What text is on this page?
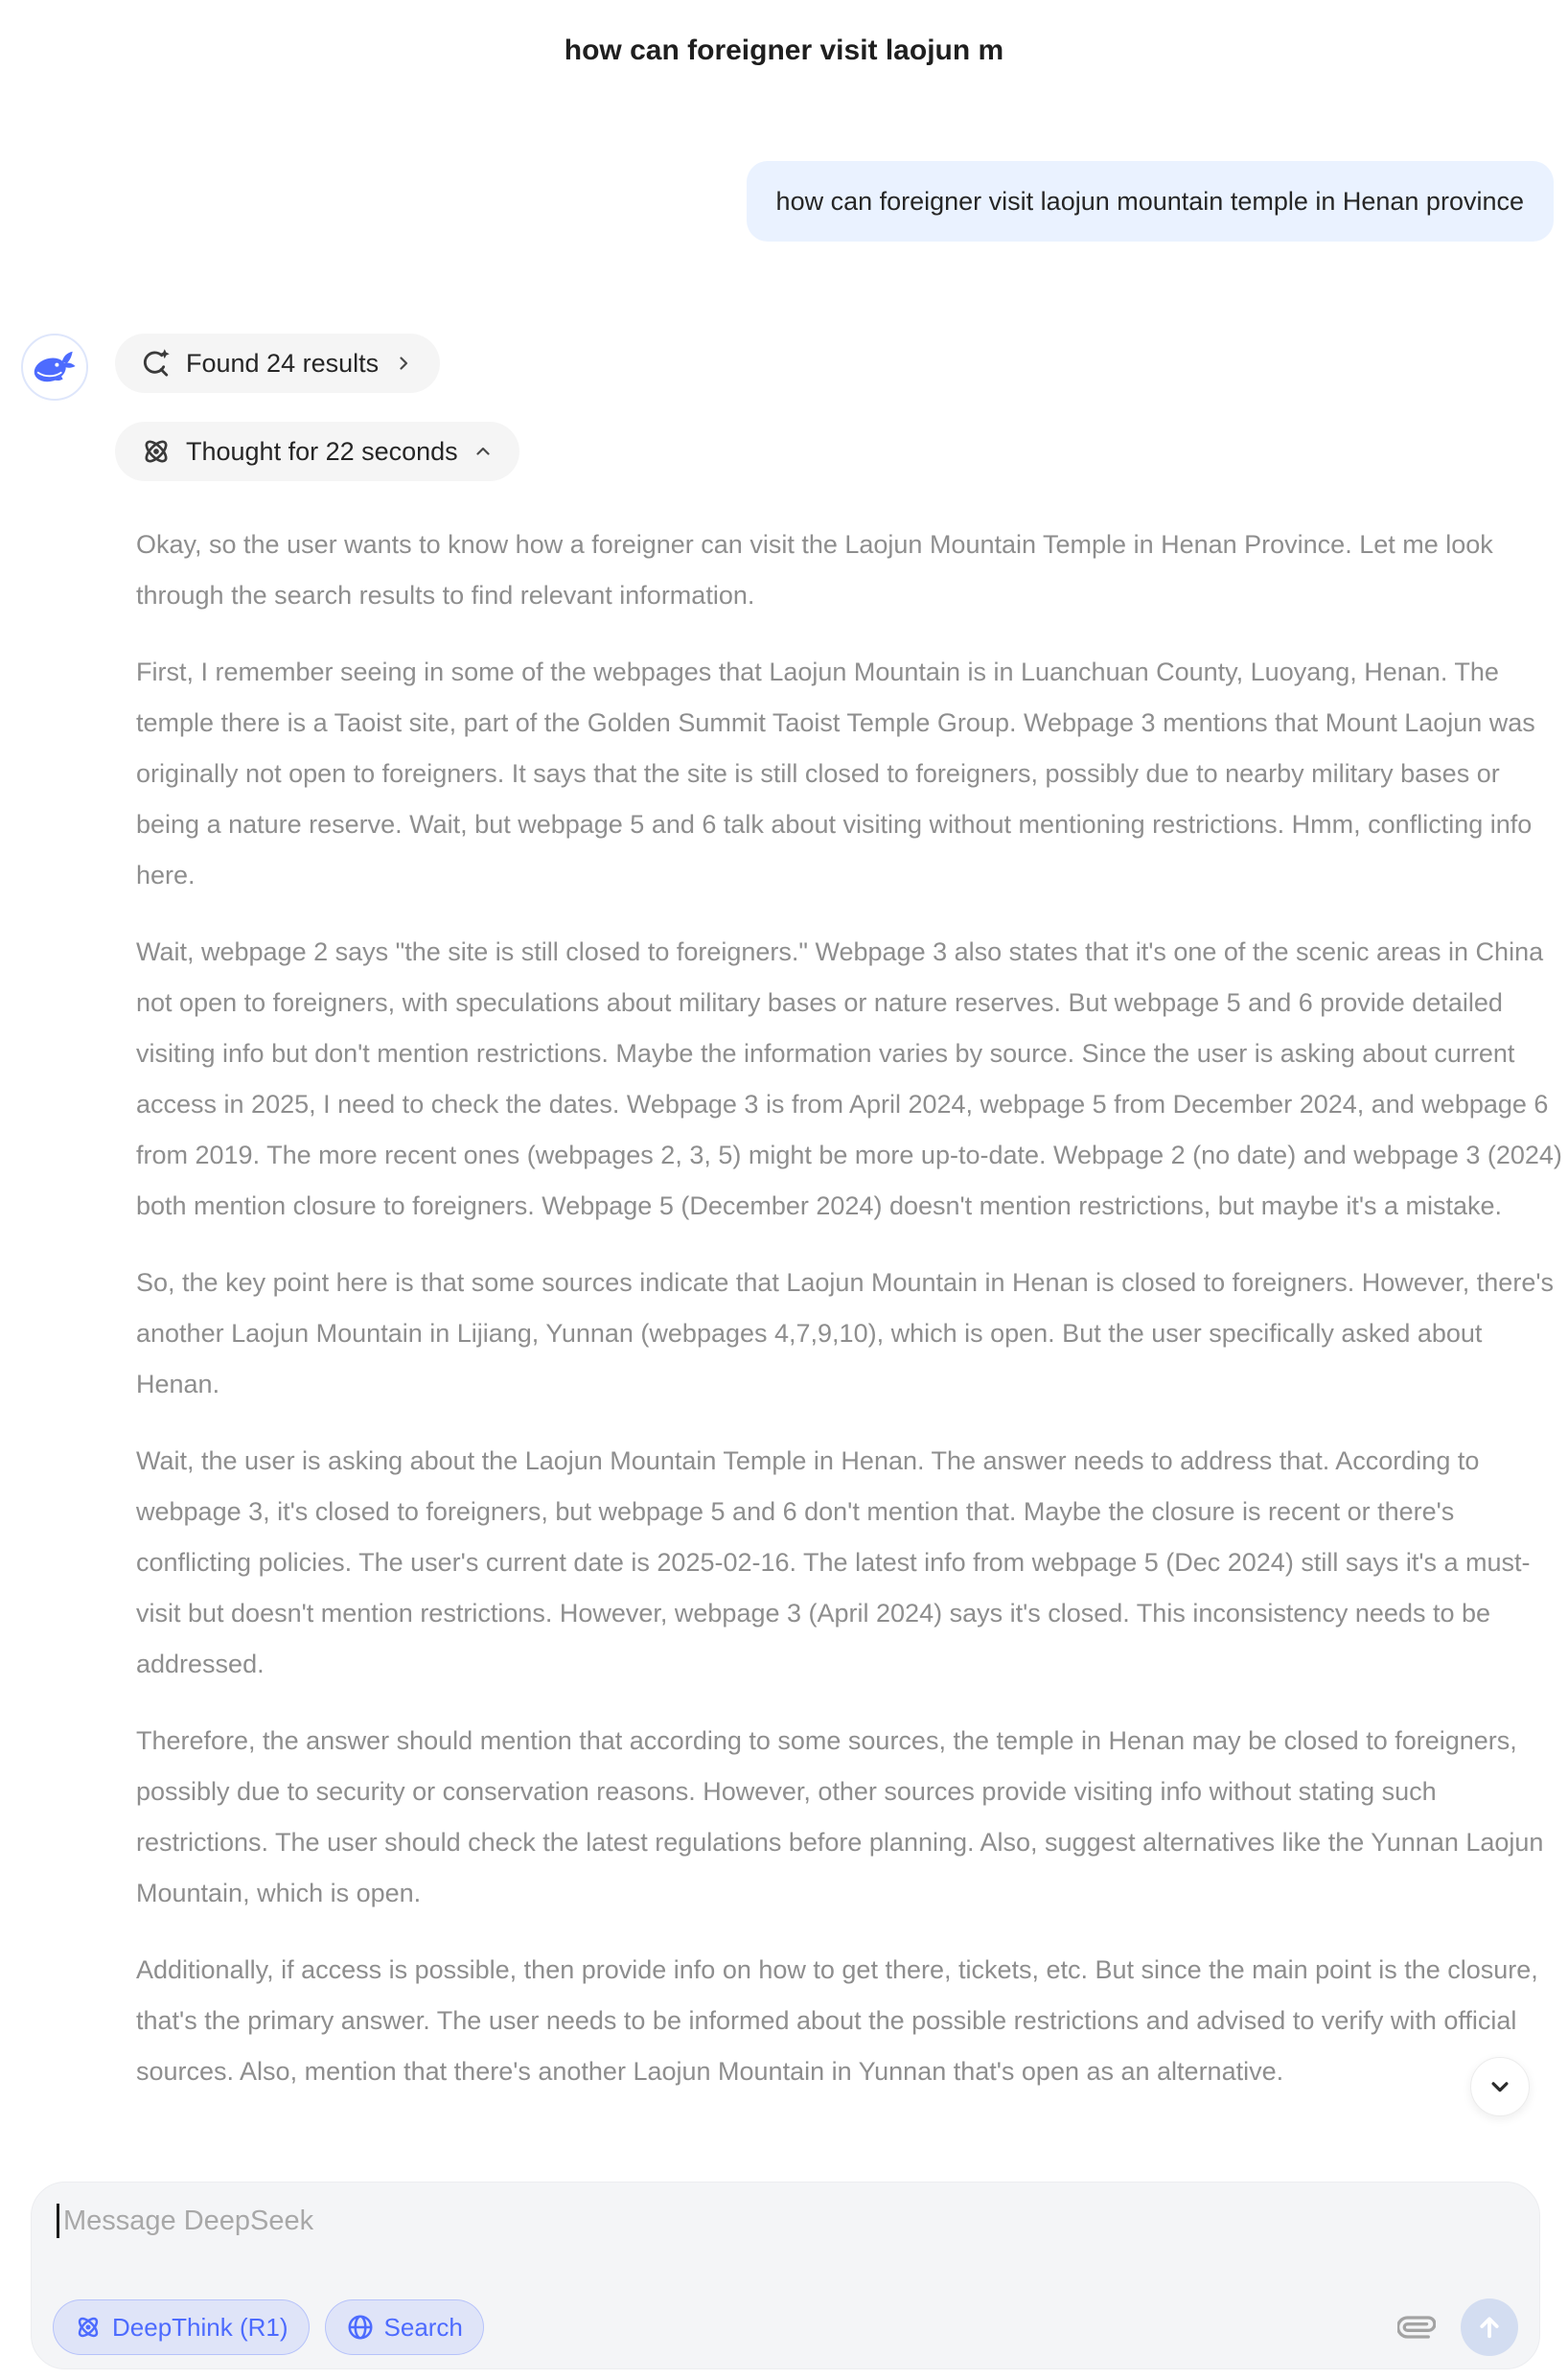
how can foreigner visit laojun m
how can foreigner visit laojun mountain temple in Henan province
Found 24 results
Thought for 22 seconds

Okay, so the user wants to know how a foreigner can visit the Laojun Mountain Temple in Henan Province. Let me look through the search results to find relevant information.

First, I remember seeing in some of the webpages that Laojun Mountain is in Luanchuan County, Luoyang, Henan. The temple there is a Taoist site, part of the Golden Summit Taoist Temple Group. Webpage 3 mentions that Mount Laojun was originally not open to foreigners. It says that the site is still closed to foreigners, possibly due to nearby military bases or being a nature reserve. Wait, but webpage 5 and 6 talk about visiting without mentioning restrictions. Hmm, conflicting info here.

Wait, webpage 2 says "the site is still closed to foreigners." Webpage 3 also states that it's one of the scenic areas in China not open to foreigners, with speculations about military bases or nature reserves. But webpage 5 and 6 provide detailed visiting info but don't mention restrictions. Maybe the information varies by source. Since the user is asking about current access in 2025, I need to check the dates. Webpage 3 is from April 2024, webpage 5 from December 2024, and webpage 6 from 2019. The more recent ones (webpages 2, 3, 5) might be more up-to-date. Webpage 2 (no date) and webpage 3 (2024) both mention closure to foreigners. Webpage 5 (December 2024) doesn't mention restrictions, but maybe it's a mistake.

So, the key point here is that some sources indicate that Laojun Mountain in Henan is closed to foreigners. However, there's another Laojun Mountain in Lijiang, Yunnan (webpages 4,7,9,10), which is open. But the user specifically asked about Henan.

Wait, the user is asking about the Laojun Mountain Temple in Henan. The answer needs to address that. According to webpage 3, it's closed to foreigners, but webpage 5 and 6 don't mention that. Maybe the closure is recent or there's conflicting policies. The user's current date is 2025-02-16. The latest info from webpage 5 (Dec 2024) still says it's a must-visit but doesn't mention restrictions. However, webpage 3 (April 2024) says it's closed. This inconsistency needs to be addressed.

Therefore, the answer should mention that according to some sources, the temple in Henan may be closed to foreigners, possibly due to security or conservation reasons. However, other sources provide visiting info without stating such restrictions. The user should check the latest regulations before planning. Also, suggest alternatives like the Yunnan Laojun Mountain, which is open.

Additionally, if access is possible, then provide info on how to get there, tickets, etc. But since the main point is the closure, that's the primary answer. The user needs to be informed about the possible restrictions and advised to verify with official sources. Also, mention that there's another Laojun Mountain in Yunnan that's open as an alternative.

Message DeepSeek
DeepThink (R1)	Search
